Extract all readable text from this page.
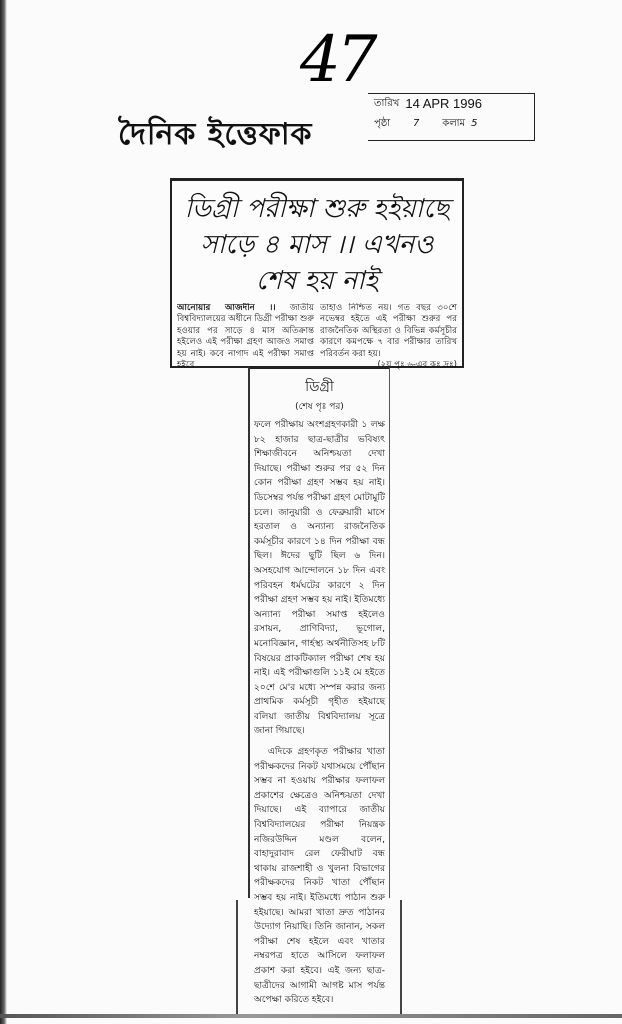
47
তারিখ 14 APR 1996
পৃষ্ঠা	7	কলাম 5
দৈনিক ইত্তেফাক
ডিগ্রী পরীক্ষা শুরু হইয়াছে সাড়ে ৪ মাস ।। এখনও শেষ হয় নাই
আনোয়ার আজদীন ।। জাতীয় বিশ্ববিদ্যালয়ের অধীনে ডিগ্রী পরীক্ষা শুরু হওয়ার পর সাড়ে ৪ মাস অতিক্রান্ত হইলেও এই পরীক্ষা গ্রহণ আজও সমাপ্ত হয় নাই। কবে নাগাদ এই পরীক্ষা সমাপ্ত হইবে
তাহাও নিশ্চিত নয়। গত বছর ৩০শে নভেম্বর হইতে এই পরীক্ষা শুরুর পর রাজনৈতিক অস্থিরতা ও বিভিন্ন কর্মসূচীর কারণে কমপক্ষে ৭ বার পরীক্ষার তারিখ পরিবর্তন করা হয়।
(২য় পৃঃ ৬-এর কঃ দ্রঃ)
ডিগ্রী
(শেষ পৃঃ পর)

ফলে পরীক্ষায় অংশগ্রহণকারী ১ লক্ষ ৮২ হাজার ছাত্র-ছাত্রীর ভবিষ্যৎ শিক্ষাজীবনে অনিশ্চয়তা দেখা দিয়াছে। পরীক্ষা শুরুর পর ৫২ দিন কোন পরীক্ষা গ্রহণ সম্ভব হয় নাই। ডিসেম্বর পর্যন্ত পরীক্ষা গ্রহণ মোটামুটি চলে। জানুয়ারী ও ফেব্রুয়ারী মাসে হরতাল ও অন্যান্য রাজনৈতিক কর্মসূচীর কারণে ১৪ দিন পরীক্ষা বন্ধ ছিল। ঈদের ছুটি ছিল ৬ দিন। অসহযোগ আন্দোলনে ১৮ দিন এবং পরিবহন ধর্মঘটের কারণে ২ দিন পরীক্ষা গ্রহণ সম্ভব হয় নাই। ইতিমধ্যে অন্যান্য পরীক্ষা সমাপ্ত হইলেও রসায়ন, প্রাণিবিদ্যা, ভূগোল, মনোবিজ্ঞান, গার্হস্থ্য অর্থনীতিসহ ৮টি বিষয়ের প্রাকটিক্যাল পরীক্ষা শেষ হয় নাই। এই পরীক্ষাগুলি ১১ই মে হইতে ২০শে মে'র মধ্যে সম্পন্ন করার জন্য প্রাথমিক কর্মসূচী গৃহীত হইয়াছে বলিয়া জাতীয় বিশ্ববিদ্যালয় সূত্রে জানা গিয়াছে।

এদিকে গ্রহণকৃত পরীক্ষার খাতা পরীক্ষকদের নিকট যথাসময়ে পৌঁছান সম্ভব না হওয়ায় পরীক্ষার ফলাফল প্রকাশের ক্ষেত্রেও অনিশ্চয়তা দেখা দিয়াছে। এই ব্যাপারে জাতীয় বিশ্ববিদ্যালয়ের পরীক্ষা নিয়ন্ত্রক নজিরউদ্দিন মণ্ডল বলেন, বাহাদুরাবাদ রেল ফেরীঘাট বন্ধ থাকায় রাজশাহী ও খুলনা বিভাগের পরীক্ষকদের নিকট খাতা পৌঁছান সম্ভব হয় নাই। ইতিমধ্যে পাঠান শুরু হইয়াছে। আমরা খাতা দ্রুত পাঠানর উদ্যোগ নিয়াছি। তিনি জানান, সকল পরীক্ষা শেষ হইলে এবং খাতার নম্বরপত্র হাতে আসিলে ফলাফল প্রকাশ করা হইবে। এই জন্য ছাত্র-ছাত্রীদের আগামী আগষ্ট মাস পর্যন্ত অপেক্ষা করিতে হইবে।
